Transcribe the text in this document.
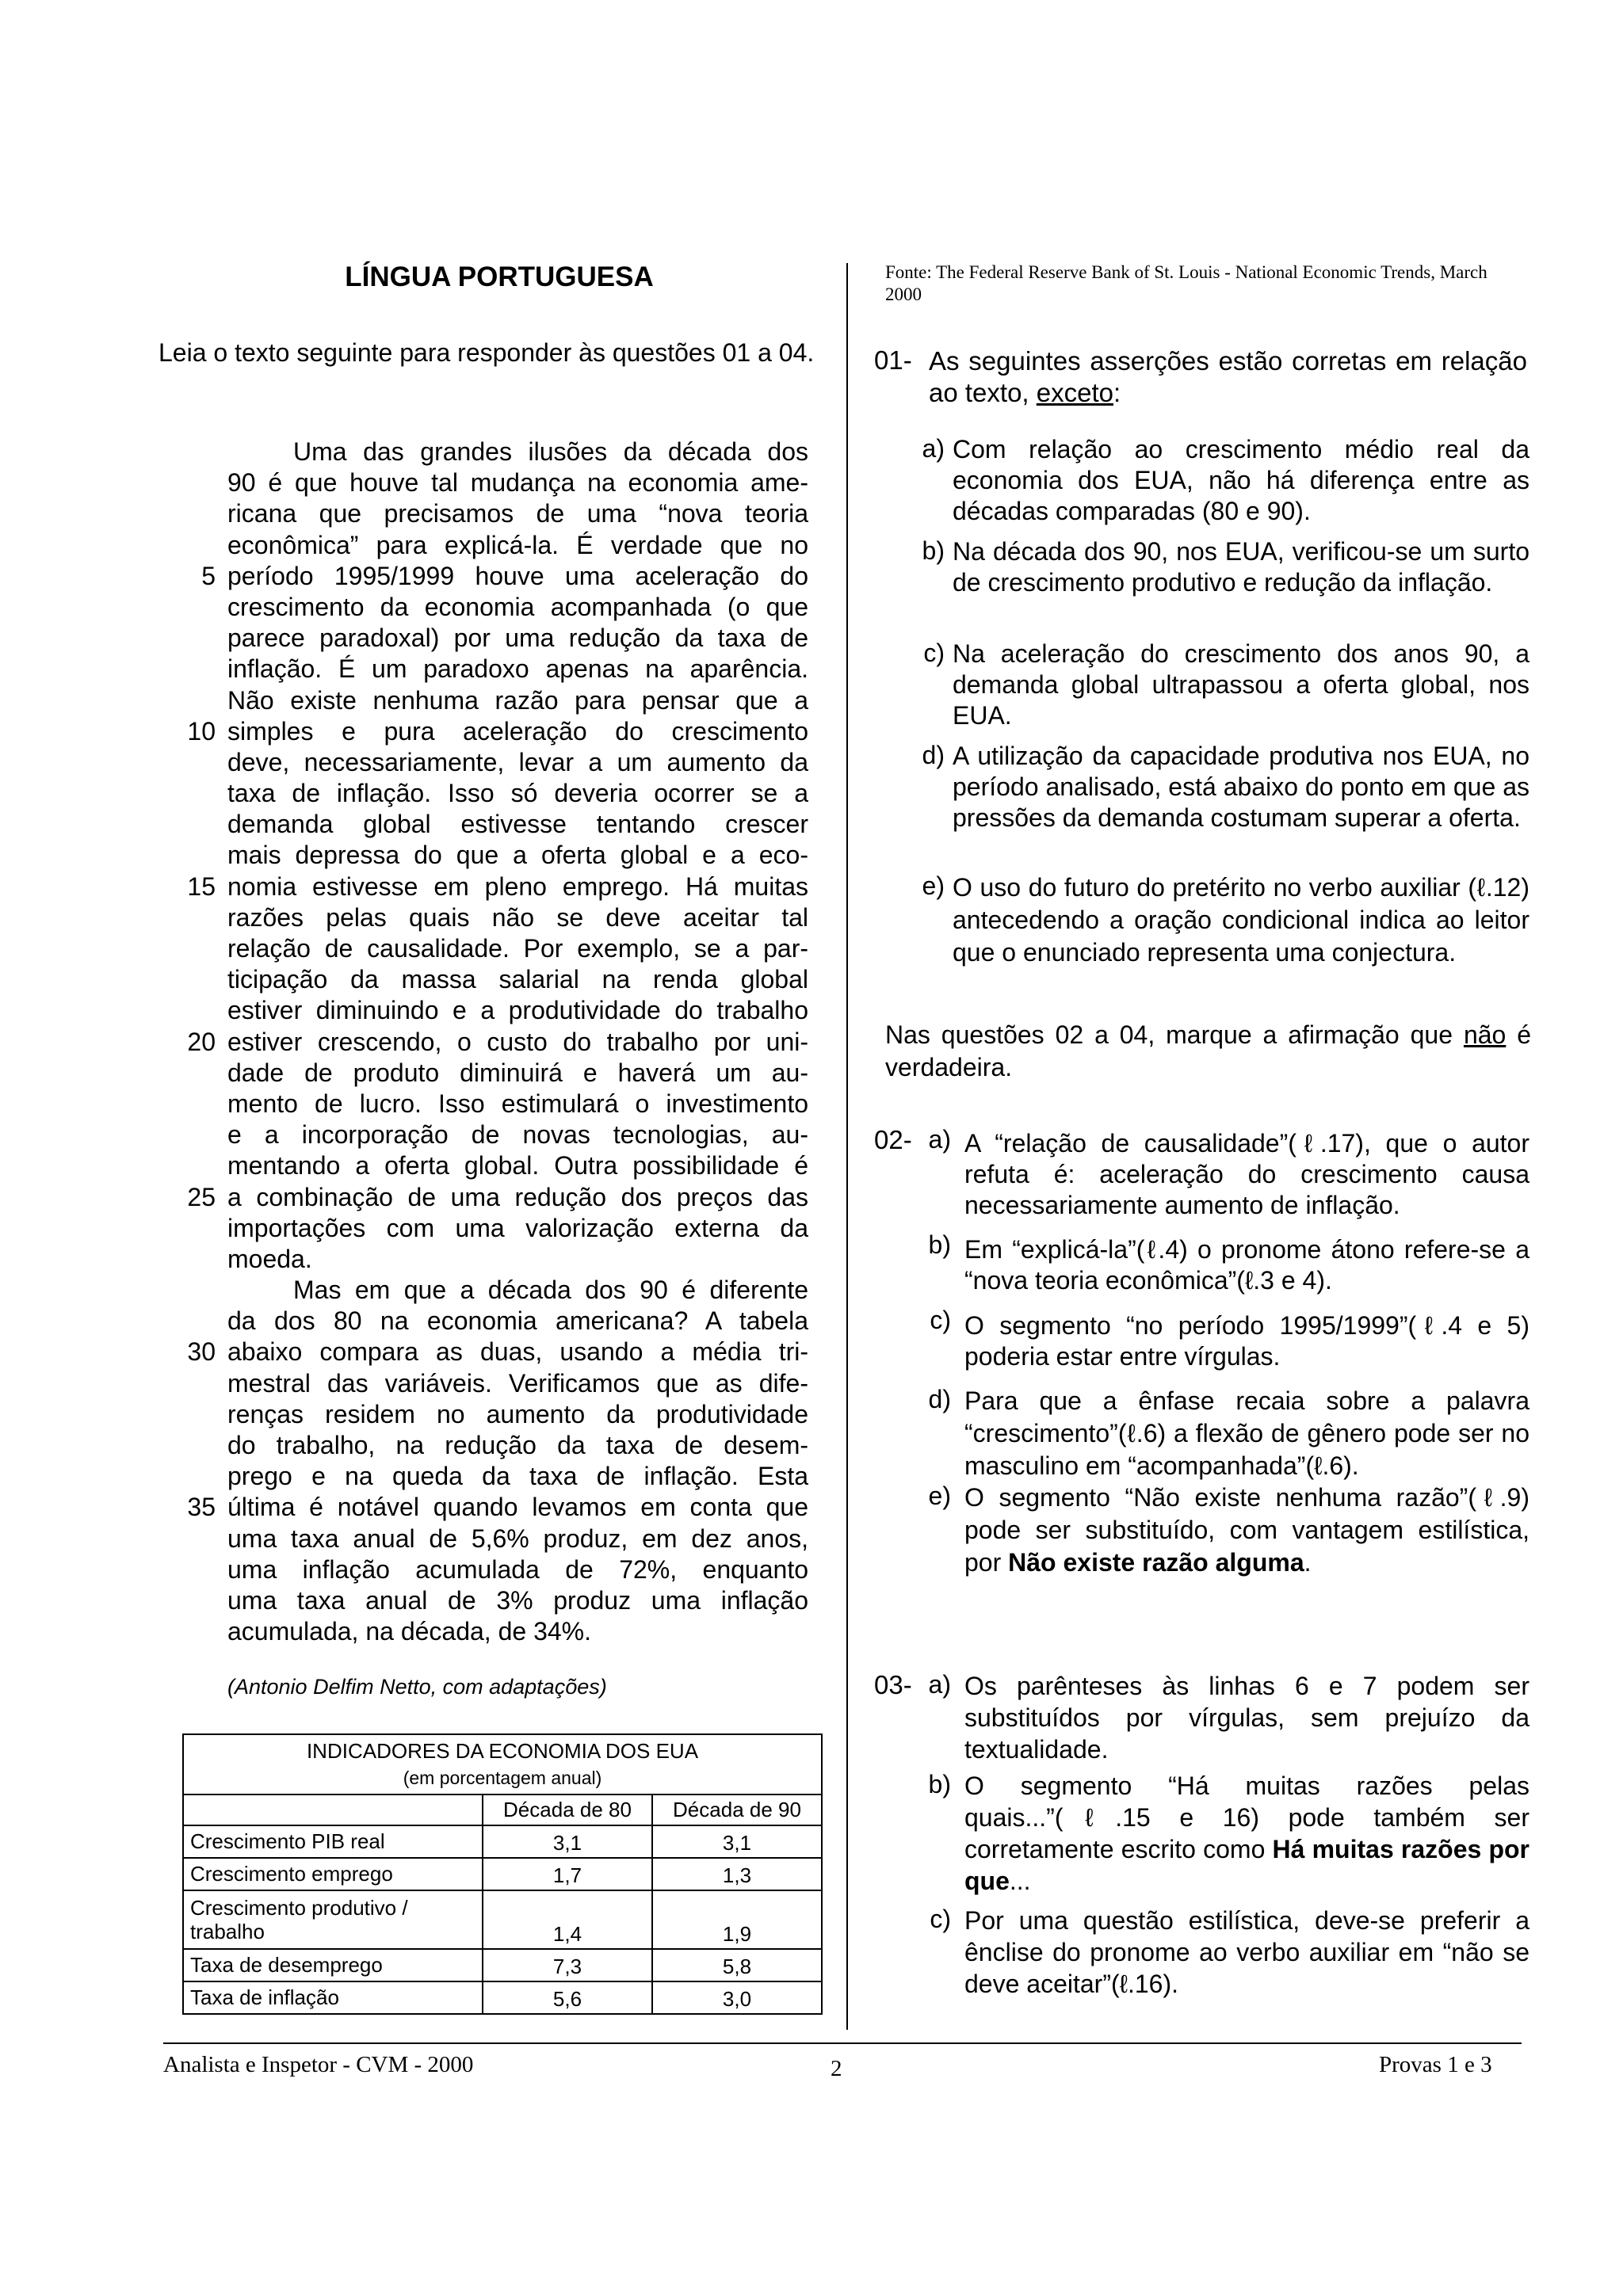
LÍNGUA PORTUGUESA
Leia o texto seguinte para responder às questões 01 a 04.
Uma das grandes ilusões da década dos
90 é que houve tal mudança na economia ame-
ricana que precisamos de uma “nova teoria
econômica” para explicá-la. É verdade que no
5 período 1995/1999 houve uma aceleração do
crescimento da economia acompanhada (o que
parece paradoxal) por uma redução da taxa de
inflação. É um paradoxo apenas na aparência.
Não existe nenhuma razão para pensar que a
10 simples e pura aceleração do crescimento
deve, necessariamente, levar a um aumento da
taxa de inflação. Isso só deveria ocorrer se a
demanda global estivesse tentando crescer
mais depressa do que a oferta global e a eco-
15 nomia estivesse em pleno emprego. Há muitas
razões pelas quais não se deve aceitar tal
relação de causalidade. Por exemplo, se a par-
ticipação da massa salarial na renda global
estiver diminuindo e a produtividade do trabalho
20 estiver crescendo, o custo do trabalho por uni-
dade de produto diminuirá e haverá um au-
mento de lucro. Isso estimulará o investimento
e a incorporação de novas tecnologias, au-
mentando a oferta global. Outra possibilidade é
25 a combinação de uma redução dos preços das
importações com uma valorização externa da
moeda.
Mas em que a década dos 90 é diferente
da dos 80 na economia americana? A tabela
30 abaixo compara as duas, usando a média tri-
mestral das variáveis. Verificamos que as dife-
renças residem no aumento da produtividade
do trabalho, na redução da taxa de desem-
prego e na queda da taxa de inflação. Esta
35 última é notável quando levamos em conta que
uma taxa anual de 5,6% produz, em dez anos,
uma inflação acumulada de 72%, enquanto
uma taxa anual de 3% produz uma inflação
acumulada, na década, de 34%.
(Antonio Delfim Netto, com adaptações)
INDICADORES DA ECONOMIA DOS EUA
(em porcentagem anual)		

	Década de 80	Década de 90
Crescimento PIB real	3,1	3,1
Crescimento emprego	1,7	1,3
Crescimento produtivo / trabalho	1,4	1,9
Taxa de desemprego	7,3	5,8
Taxa de inflação	5,6	3,0
Fonte: The Federal Reserve Bank of St. Louis - National Economic Trends, March 2000
01- As seguintes asserções estão corretas em relação ao texto, exceto:
a) Com relação ao crescimento médio real da economia dos EUA, não há diferença entre as décadas comparadas (80 e 90).
b) Na década dos 90, nos EUA, verificou-se um surto de crescimento produtivo e redução da inflação.
c) Na aceleração do crescimento dos anos 90, a demanda global ultrapassou a oferta global, nos EUA.
d) A utilização da capacidade produtiva nos EUA, no período analisado, está abaixo do ponto em que as pressões da demanda costumam superar a oferta.
e) O uso do futuro do pretérito no verbo auxiliar (ℓ.12) antecedendo a oração condicional indica ao leitor que o enunciado representa uma conjectura.
Nas questões 02 a 04, marque a afirmação que não é verdadeira.
02- a) A “relação de causalidade”(ℓ.17), que o autor refuta é: aceleração do crescimento causa necessariamente aumento de inflação.
b) Em “explicá-la”(ℓ.4) o pronome átono refere-se a “nova teoria econômica”(ℓ.3 e 4).
c) O segmento “no período 1995/1999”(ℓ.4 e 5) poderia estar entre vírgulas.
d) Para que a ênfase recaia sobre a palavra “crescimento”(ℓ.6) a flexão de gênero pode ser no masculino em “acompanhada”(ℓ.6).
e) O segmento “Não existe nenhuma razão”(ℓ.9) pode ser substituído, com vantagem estilística, por Não existe razão alguma.
03- a) Os parênteses às linhas 6 e 7 podem ser substituídos por vírgulas, sem prejuízo da textualidade.
b) O segmento “Há muitas razões pelas quais...”(ℓ.15 e 16) pode também ser corretamente escrito como Há muitas razões por que...
c) Por uma questão estilística, deve-se preferir a ênclise do pronome ao verbo auxiliar em “não se deve aceitar”(ℓ.16).
Analista e Inspetor - CVM - 2000	2	Provas 1 e 3
